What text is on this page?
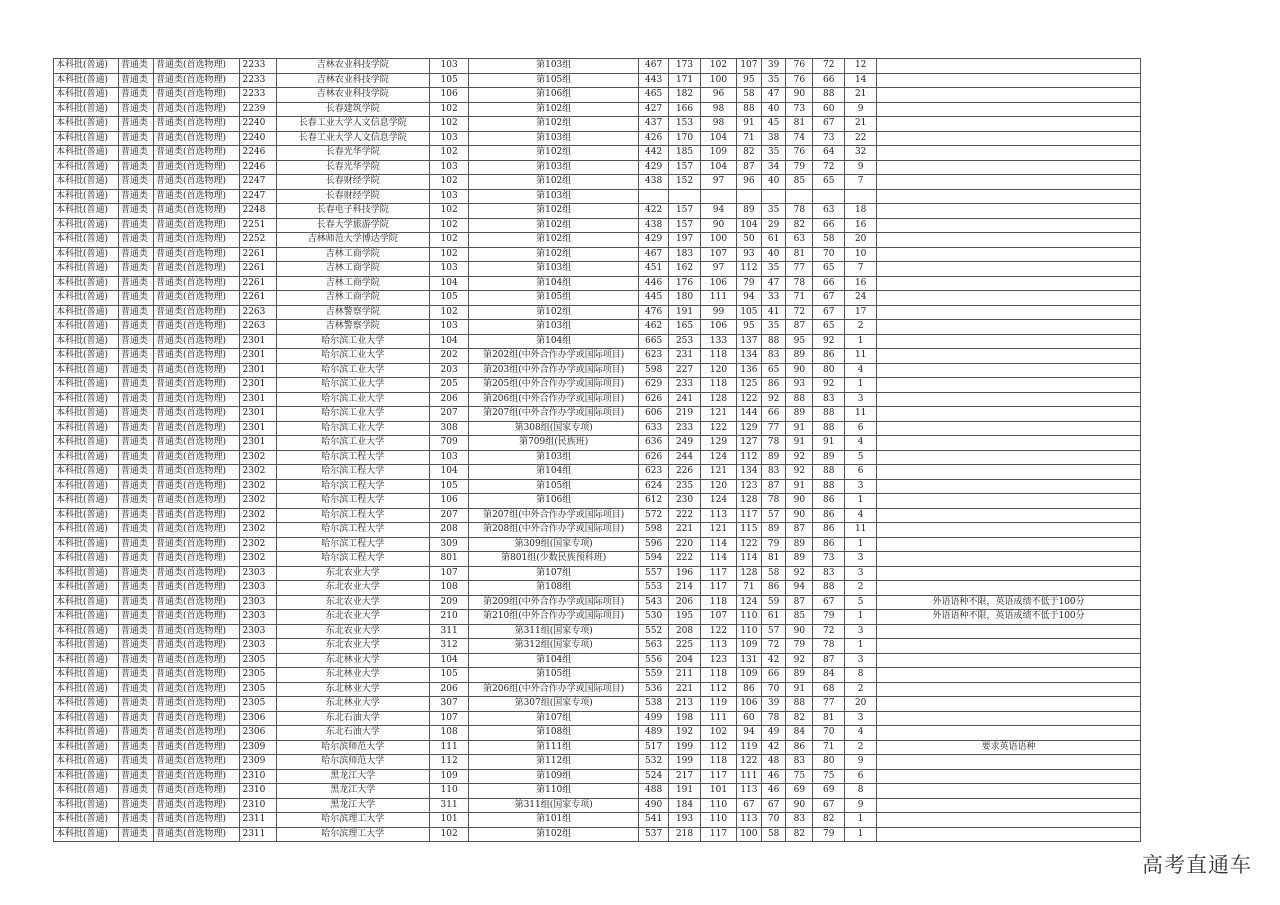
本科批(普通)	普通类	普通类(首选物理)	2233	吉林农业科技学院	103	第103组	467	173	102	107	39	76	72	12	
本科批(普通)	普通类	普通类(首选物理)	2233	吉林农业科技学院	105	第105组	443	171	100	95	35	76	66	14	
本科批(普通)	普通类	普通类(首选物理)	2233	吉林农业科技学院	106	第106组	465	182	96	58	47	90	88	21	
本科批(普通)	普通类	普通类(首选物理)	2239	长春建筑学院	102	第102组	427	166	98	88	40	73	60	9	
本科批(普通)	普通类	普通类(首选物理)	2240	长春工业大学人文信息学院	102	第102组	437	153	98	91	45	81	67	21	
本科批(普通)	普通类	普通类(首选物理)	2240	长春工业大学人文信息学院	103	第103组	426	170	104	71	38	74	73	22	
本科批(普通)	普通类	普通类(首选物理)	2246	长春光华学院	102	第102组	442	185	109	82	35	76	64	32	
本科批(普通)	普通类	普通类(首选物理)	2246	长春光华学院	103	第103组	429	157	104	87	34	79	72	9	
本科批(普通)	普通类	普通类(首选物理)	2247	长春财经学院	102	第102组	438	152	97	96	40	85	65	7	
本科批(普通)	普通类	普通类(首选物理)	2247	长春财经学院	103	第103组									
本科批(普通)	普通类	普通类(首选物理)	2248	长春电子科技学院	102	第102组	422	157	94	89	35	78	63	18	
本科批(普通)	普通类	普通类(首选物理)	2251	长春大学旅游学院	102	第102组	438	157	90	104	29	82	66	16	
本科批(普通)	普通类	普通类(首选物理)	2252	吉林师范大学博达学院	102	第102组	429	197	100	50	61	63	58	20	
本科批(普通)	普通类	普通类(首选物理)	2261	吉林工商学院	102	第102组	467	183	107	93	40	81	70	10	
本科批(普通)	普通类	普通类(首选物理)	2261	吉林工商学院	103	第103组	451	162	97	112	35	77	65	7	
本科批(普通)	普通类	普通类(首选物理)	2261	吉林工商学院	104	第104组	446	176	106	79	47	78	66	16	
本科批(普通)	普通类	普通类(首选物理)	2261	吉林工商学院	105	第105组	445	180	111	94	33	71	67	24	
本科批(普通)	普通类	普通类(首选物理)	2263	吉林警察学院	102	第102组	476	191	99	105	41	72	67	17	
本科批(普通)	普通类	普通类(首选物理)	2263	吉林警察学院	103	第103组	462	165	106	95	35	87	65	2	
本科批(普通)	普通类	普通类(首选物理)	2301	哈尔滨工业大学	104	第104组	665	253	133	137	88	95	92	1	
本科批(普通)	普通类	普通类(首选物理)	2301	哈尔滨工业大学	202	第202组(中外合作办学或国际项目)	623	231	118	134	83	89	86	11	
本科批(普通)	普通类	普通类(首选物理)	2301	哈尔滨工业大学	203	第203组(中外合作办学或国际项目)	598	227	120	136	65	90	80	4	
本科批(普通)	普通类	普通类(首选物理)	2301	哈尔滨工业大学	205	第205组(中外合作办学或国际项目)	629	233	118	125	86	93	92	1	
本科批(普通)	普通类	普通类(首选物理)	2301	哈尔滨工业大学	206	第206组(中外合作办学或国际项目)	626	241	128	122	92	88	83	3	
本科批(普通)	普通类	普通类(首选物理)	2301	哈尔滨工业大学	207	第207组(中外合作办学或国际项目)	606	219	121	144	66	89	88	11	
本科批(普通)	普通类	普通类(首选物理)	2301	哈尔滨工业大学	308	第308组(国家专项)	633	233	122	129	77	91	88	6	
本科批(普通)	普通类	普通类(首选物理)	2301	哈尔滨工业大学	709	第709组(民族班)	636	249	129	127	78	91	91	4	
本科批(普通)	普通类	普通类(首选物理)	2302	哈尔滨工程大学	103	第103组	626	244	124	112	89	92	89	5	
本科批(普通)	普通类	普通类(首选物理)	2302	哈尔滨工程大学	104	第104组	623	226	121	134	83	92	88	6	
本科批(普通)	普通类	普通类(首选物理)	2302	哈尔滨工程大学	105	第105组	624	235	120	123	87	91	88	3	
本科批(普通)	普通类	普通类(首选物理)	2302	哈尔滨工程大学	106	第106组	612	230	124	128	78	90	86	1	
本科批(普通)	普通类	普通类(首选物理)	2302	哈尔滨工程大学	207	第207组(中外合作办学或国际项目)	572	222	113	117	57	90	86	4	
本科批(普通)	普通类	普通类(首选物理)	2302	哈尔滨工程大学	208	第208组(中外合作办学或国际项目)	598	221	121	115	89	87	86	11	
本科批(普通)	普通类	普通类(首选物理)	2302	哈尔滨工程大学	309	第309组(国家专项)	596	220	114	122	79	89	86	1	
本科批(普通)	普通类	普通类(首选物理)	2302	哈尔滨工程大学	801	第801组(少数民族预科班)	594	222	114	114	81	89	73	3	
本科批(普通)	普通类	普通类(首选物理)	2303	东北农业大学	107	第107组	557	196	117	128	58	92	83	3	
本科批(普通)	普通类	普通类(首选物理)	2303	东北农业大学	108	第108组	553	214	117	71	86	94	88	2	
本科批(普通)	普通类	普通类(首选物理)	2303	东北农业大学	209	第209组(中外合作办学或国际项目)	543	206	118	124	59	87	67	5	外语语种不限，英语成绩不低于100分
本科批(普通)	普通类	普通类(首选物理)	2303	东北农业大学	210	第210组(中外合作办学或国际项目)	530	195	107	110	61	85	79	1	外语语种不限，英语成绩不低于100分
本科批(普通)	普通类	普通类(首选物理)	2303	东北农业大学	311	第311组(国家专项)	552	208	122	110	57	90	72	3	
本科批(普通)	普通类	普通类(首选物理)	2303	东北农业大学	312	第312组(国家专项)	563	225	113	109	72	79	78	1	
本科批(普通)	普通类	普通类(首选物理)	2305	东北林业大学	104	第104组	556	204	123	131	42	92	87	3	
本科批(普通)	普通类	普通类(首选物理)	2305	东北林业大学	105	第105组	559	211	118	109	66	89	84	8	
本科批(普通)	普通类	普通类(首选物理)	2305	东北林业大学	206	第206组(中外合作办学或国际项目)	536	221	112	86	70	91	68	2	
本科批(普通)	普通类	普通类(首选物理)	2305	东北林业大学	307	第307组(国家专项)	538	213	119	106	39	88	77	20	
本科批(普通)	普通类	普通类(首选物理)	2306	东北石油大学	107	第107组	499	198	111	60	78	82	81	3	
本科批(普通)	普通类	普通类(首选物理)	2306	东北石油大学	108	第108组	489	192	102	94	49	84	70	4	
本科批(普通)	普通类	普通类(首选物理)	2309	哈尔滨师范大学	111	第111组	517	199	112	119	42	86	71	2	要求英语语种
本科批(普通)	普通类	普通类(首选物理)	2309	哈尔滨师范大学	112	第112组	532	199	118	122	48	83	80	9	
本科批(普通)	普通类	普通类(首选物理)	2310	黑龙江大学	109	第109组	524	217	117	111	46	75	75	6	
本科批(普通)	普通类	普通类(首选物理)	2310	黑龙江大学	110	第110组	488	191	101	113	46	69	69	8	
本科批(普通)	普通类	普通类(首选物理)	2310	黑龙江大学	311	第311组(国家专项)	490	184	110	67	67	90	67	9	
本科批(普通)	普通类	普通类(首选物理)	2311	哈尔滨理工大学	101	第101组	541	193	110	113	70	83	82	1	
本科批(普通)	普通类	普通类(首选物理)	2311	哈尔滨理工大学	102	第102组	537	218	117	100	58	82	79	1	
高考直通车
